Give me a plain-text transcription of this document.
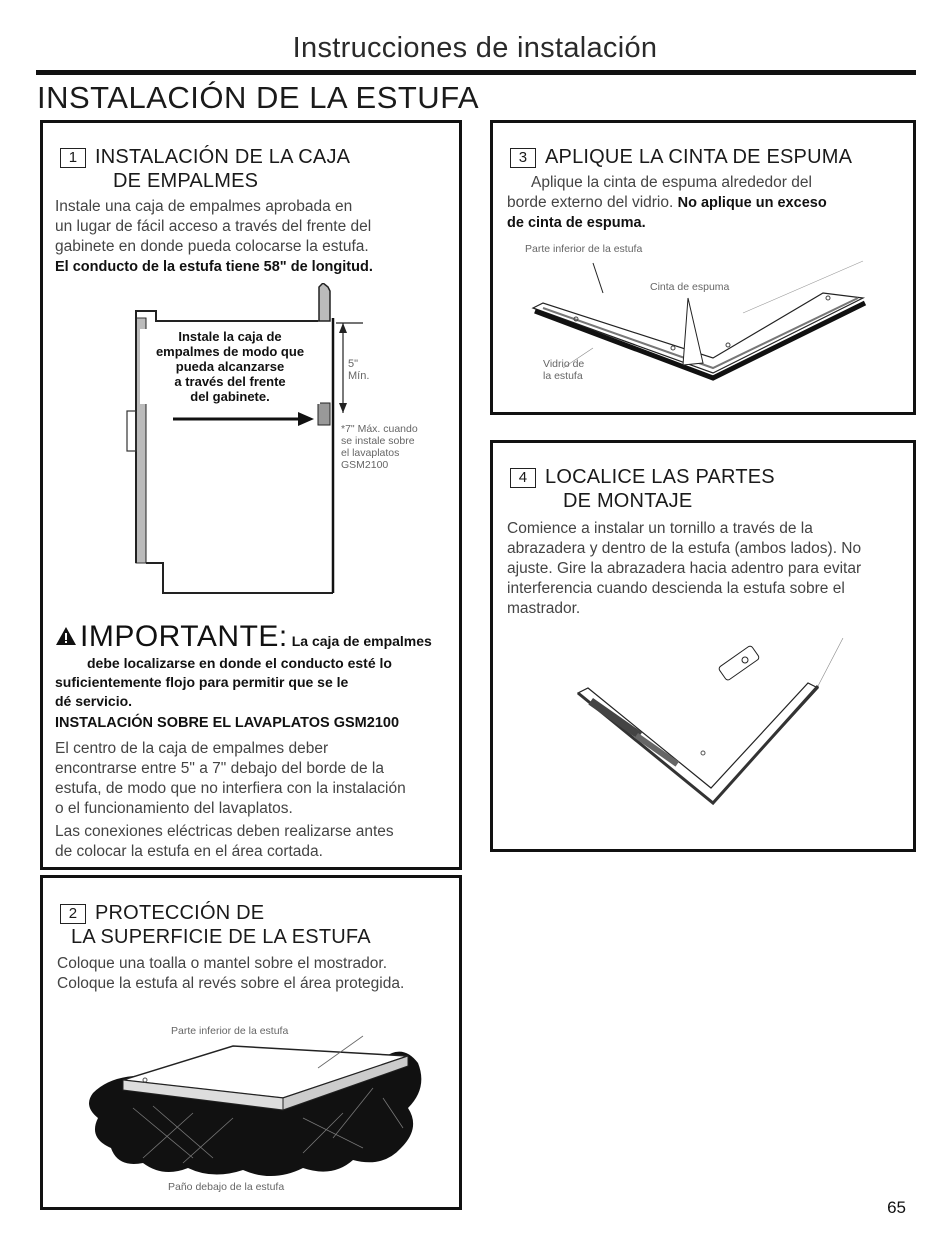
Instrucciones de instalación
INSTALACIÓN DE LA ESTUFA
1 INSTALACIÓN DE LA CAJA
DE EMPALMES
Instale una caja de empalmes aprobada en
un lugar de fácil acceso a través del frente del
gabinete en donde pueda colocarse la estufa.
El conducto de la estufa tiene 58" de longitud.
Instale la caja de
empalmes de modo que
pueda alcanzarse
a través del frente
del gabinete.
5"
Mín.
*7" Máx. cuando
se instale sobre
el lavaplatos
GSM2100
IMPORTANTE: La caja de empalmes
debe localizarse en donde el conducto esté lo
suficientemente flojo para permitir que se le
dé servicio.
INSTALACIÓN SOBRE EL LAVAPLATOS GSM2100
El centro de la caja de empalmes deber
encontrarse entre 5" a 7" debajo del borde de la
estufa, de modo que no interfiera con la instalación
o el funcionamiento del lavaplatos.
Las conexiones eléctricas deben realizarse antes
de colocar la estufa en el área cortada.
2 PROTECCIÓN DE
LA SUPERFICIE DE LA ESTUFA
Coloque una toalla o mantel sobre el mostrador.
Coloque la estufa al revés sobre el área protegida.
Parte inferior de la estufa
Paño debajo de la estufa
3 APLIQUE LA CINTA DE ESPUMA
Aplique la cinta de espuma alrededor del
borde externo del vidrio. No aplique un exceso
de cinta de espuma.
Parte inferior de la estufa
Cinta de espuma
Vidrio de
la estufa
4 LOCALICE LAS PARTES
DE MONTAJE
Comience a instalar un tornillo a través de la
abrazadera y dentro de la estufa (ambos lados). No
ajuste. Gire la abrazadera hacia adentro para evitar
interferencia cuando descienda la estufa sobre el
mastrador.
65
